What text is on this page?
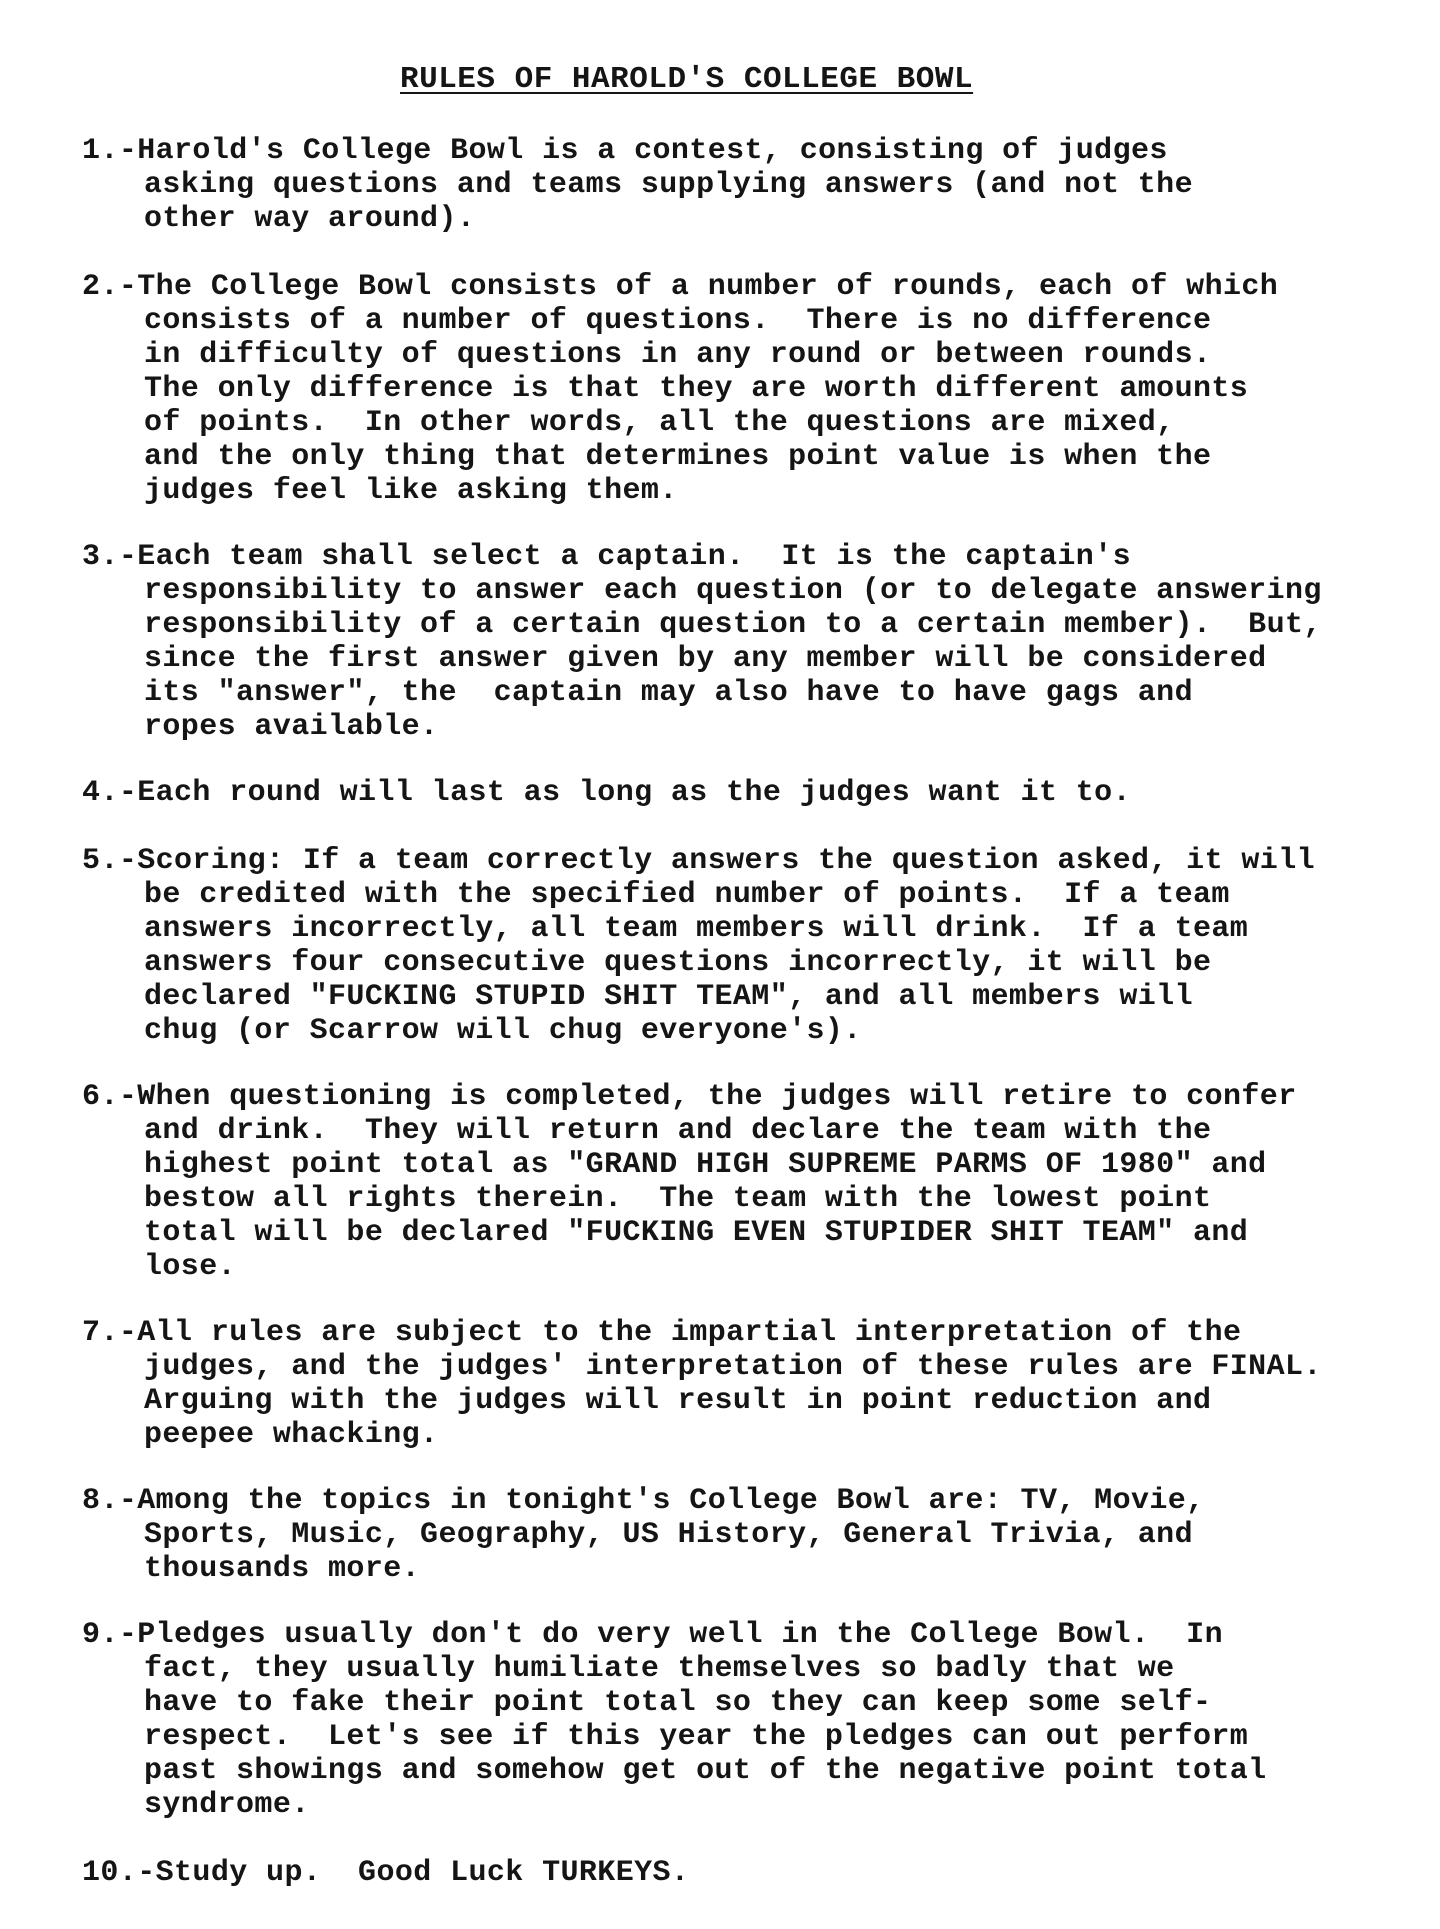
RULES OF HAROLD'S COLLEGE BOWL
1.-Harold's College Bowl is a contest, consisting of judges
asking questions and teams supplying answers (and not the
other way around).
2.-The College Bowl consists of a number of rounds, each of which
consists of a number of questions.  There is no difference
in difficulty of questions in any round or between rounds.
The only difference is that they are worth different amounts
of points.  In other words, all the questions are mixed,
and the only thing that determines point value is when the
judges feel like asking them.
3.-Each team shall select a captain.  It is the captain's
responsibility to answer each question (or to delegate answering
responsibility of a certain question to a certain member).  But,
since the first answer given by any member will be considered
its "answer", the  captain may also have to have gags and
ropes available.
4.-Each round will last as long as the judges want it to.
5.-Scoring: If a team correctly answers the question asked, it will
be credited with the specified number of points.  If a team
answers incorrectly, all team members will drink.  If a team
answers four consecutive questions incorrectly, it will be
declared "FUCKING STUPID SHIT TEAM", and all members will
chug (or Scarrow will chug everyone's).
6.-When questioning is completed, the judges will retire to confer
and drink.  They will return and declare the team with the
highest point total as "GRAND HIGH SUPREME PARMS OF 1980" and
bestow all rights therein.  The team with the lowest point
total will be declared "FUCKING EVEN STUPIDER SHIT TEAM" and
lose.
7.-All rules are subject to the impartial interpretation of the
judges, and the judges' interpretation of these rules are FINAL.
Arguing with the judges will result in point reduction and
peepee whacking.
8.-Among the topics in tonight's College Bowl are: TV, Movie,
Sports, Music, Geography, US History, General Trivia, and
thousands more.
9.-Pledges usually don't do very well in the College Bowl.  In
fact, they usually humiliate themselves so badly that we
have to fake their point total so they can keep some self-
respect.  Let's see if this year the pledges can out perform
past showings and somehow get out of the negative point total
syndrome.
10.-Study up.  Good Luck TURKEYS.
